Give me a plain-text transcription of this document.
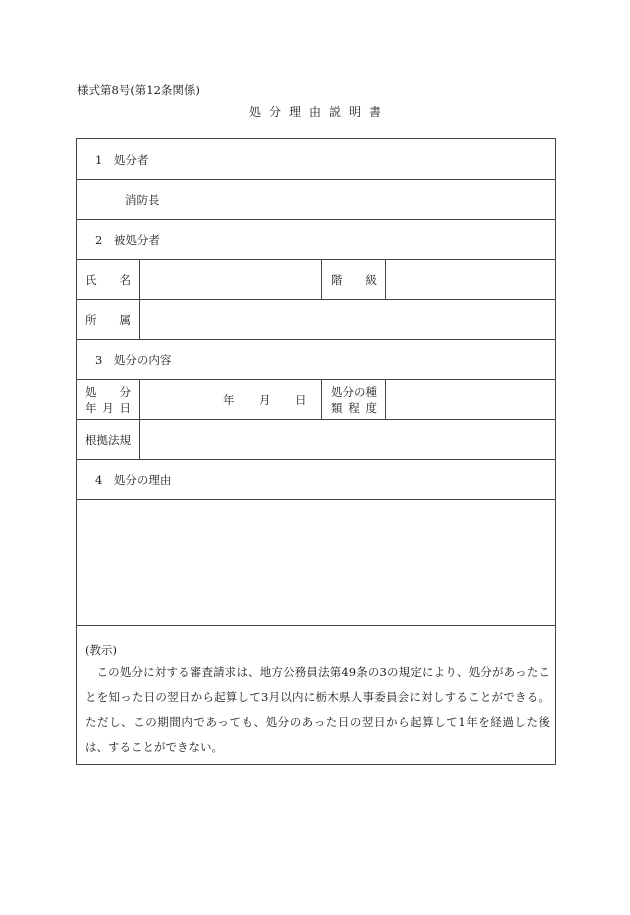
様式第8号(第12条関係)
処分理由説明書
1　処分者
消防長
2　被処分者
氏 名	階 級
所 属
3　処分の内容
処 分
年 月 日
年 月 日
処分の種
類 程 度
根拠法規
4　処分の理由
(教示)
この処分に対する審査請求は、地方公務員法第49条の3の規定により、処分があったことを知った日の翌日から起算して3月以内に栃木県人事委員会に対しすることができる。ただし、この期間内であっても、処分のあった日の翌日から起算して1年を経過した後は、することができない。
